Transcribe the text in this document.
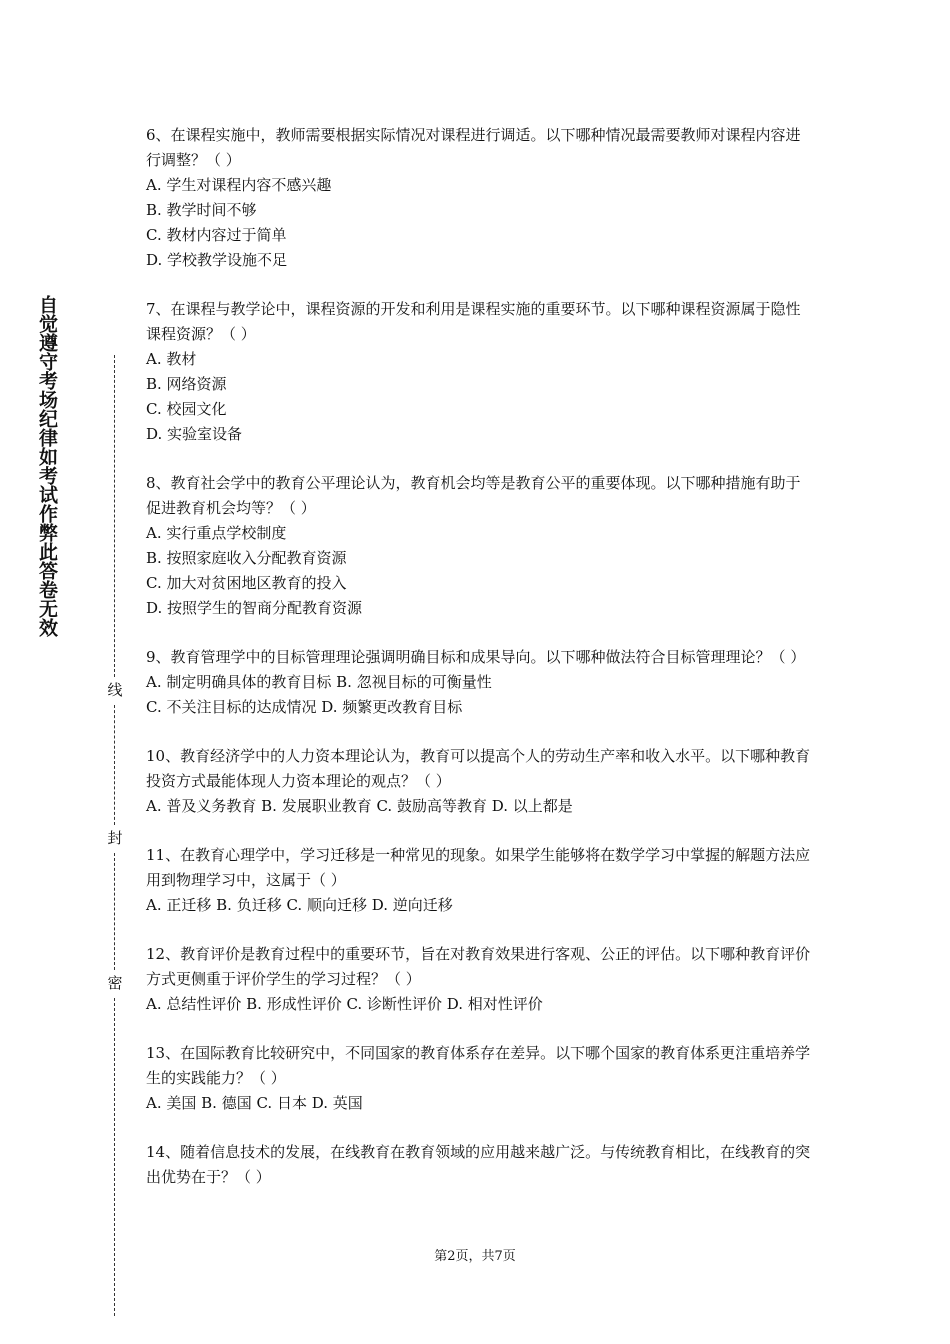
自觉遵守考场纪律如考试作弊此答卷无效
线
封
密
6、在课程实施中，教师需要根据实际情况对课程进行调适。以下哪种情况最需要教师对课程内容进行调整？（ ）
A. 学生对课程内容不感兴趣
B. 教学时间不够
C. 教材内容过于简单
D. 学校教学设施不足
7、在课程与教学论中，课程资源的开发和利用是课程实施的重要环节。以下哪种课程资源属于隐性课程资源？（ ）
A. 教材
B. 网络资源
C. 校园文化
D. 实验室设备
8、教育社会学中的教育公平理论认为，教育机会均等是教育公平的重要体现。以下哪种措施有助于促进教育机会均等？（ ）
A. 实行重点学校制度
B. 按照家庭收入分配教育资源
C. 加大对贫困地区教育的投入
D. 按照学生的智商分配教育资源
9、教育管理学中的目标管理理论强调明确目标和成果导向。以下哪种做法符合目标管理理论？（ ）
A. 制定明确具体的教育目标 B. 忽视目标的可衡量性
C. 不关注目标的达成情况 D. 频繁更改教育目标
10、教育经济学中的人力资本理论认为，教育可以提高个人的劳动生产率和收入水平。以下哪种教育投资方式最能体现人力资本理论的观点？（ ）
A. 普及义务教育 B. 发展职业教育 C. 鼓励高等教育 D. 以上都是
11、在教育心理学中，学习迁移是一种常见的现象。如果学生能够将在数学学习中掌握的解题方法应用到物理学习中，这属于（ ）
A. 正迁移 B. 负迁移 C. 顺向迁移 D. 逆向迁移
12、教育评价是教育过程中的重要环节，旨在对教育效果进行客观、公正的评估。以下哪种教育评价方式更侧重于评价学生的学习过程？（ ）
A. 总结性评价 B. 形成性评价 C. 诊断性评价 D. 相对性评价
13、在国际教育比较研究中，不同国家的教育体系存在差异。以下哪个国家的教育体系更注重培养学生的实践能力？（ ）
A. 美国 B. 德国 C. 日本 D. 英国
14、随着信息技术的发展，在线教育在教育领域的应用越来越广泛。与传统教育相比，在线教育的突出优势在于？（ ）
第2页，共7页
